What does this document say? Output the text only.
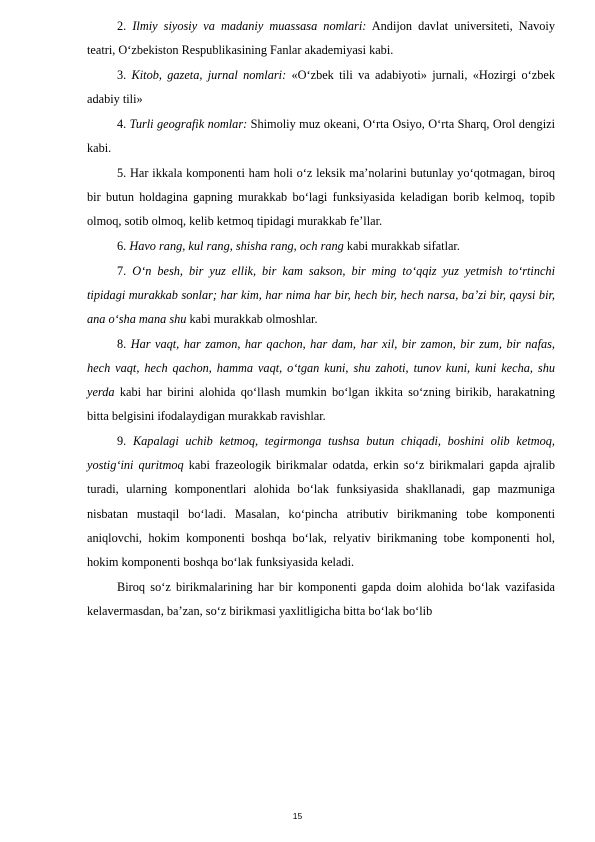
2. Ilmiy siyosiy va madaniy muassasa nomlari: Andijon davlat universiteti, Navoiy teatri, O‘zbekiston Respublikasining Fanlar akademiyasi kabi.

3. Kitob, gazeta, jurnal nomlari: «O‘zbek tili va adabiyoti» jurnali, «Hozirgi o‘zbek adabiy tili»

4. Turli geografik nomlar: Shimoliy muz okeani, O‘rta Osiyo, O‘rta Sharq, Orol dengizi kabi.

5. Har ikkala komponenti ham holi o‘z leksik ma’nolarini butunlay yo‘qotmagan, biroq bir butun holdagina gapning murakkab bo‘lagi funksiyasida keladigan borib kelmoq, topib olmoq, sotib olmoq, kelib ketmoq tipidagi murakkab fe’llar.

6. Havo rang, kul rang, shisha rang, och rang kabi murakkab sifatlar.

7. O‘n besh, bir yuz ellik, bir kam sakson, bir ming to‘qqiz yuz yetmish to‘rtinchi tipidagi murakkab sonlar; har kim, har nima har bir, hech bir, hech narsa, ba’zi bir, qaysi bir, ana o‘sha mana shu kabi murakkab olmoshlar.

8. Har vaqt, har zamon, har qachon, har dam, har xil, bir zamon, bir zum, bir nafas, hech vaqt, hech qachon, hamma vaqt, o‘tgan kuni, shu zahoti, tunov kuni, kuni kecha, shu yerda kabi har birini alohida qo‘llash mumkin bo‘lgan ikkita so‘zning birikib, harakatning bitta belgisini ifodalaydigan murakkab ravishlar.

9. Kapalagi uchib ketmoq, tegirmonga tushsa butun chiqadi, boshini olib ketmoq, yostig‘ini quritmoq kabi frazeologik birikmalar odatda, erkin so‘z birikmalari gapda ajralib turadi, ularning komponentlari alohida bo‘lak funksiyasida shakllanadi, gap mazmuniga nisbatan mustaqil bo‘ladi. Masalan, ko‘pincha atributiv birikmaning tobe komponenti aniqlovchi, hokim komponenti boshqa bo‘lak, relyativ birikmaning tobe komponenti hol, hokim komponenti boshqa bo‘lak funksiyasida keladi.

Biroq so‘z birikmalarining har bir komponenti gapda doim alohida bo‘lak vazifasida kelavermasdan, ba’zan, so‘z birikmasi yaxlitligicha bitta bo‘lak bo‘lib

15
